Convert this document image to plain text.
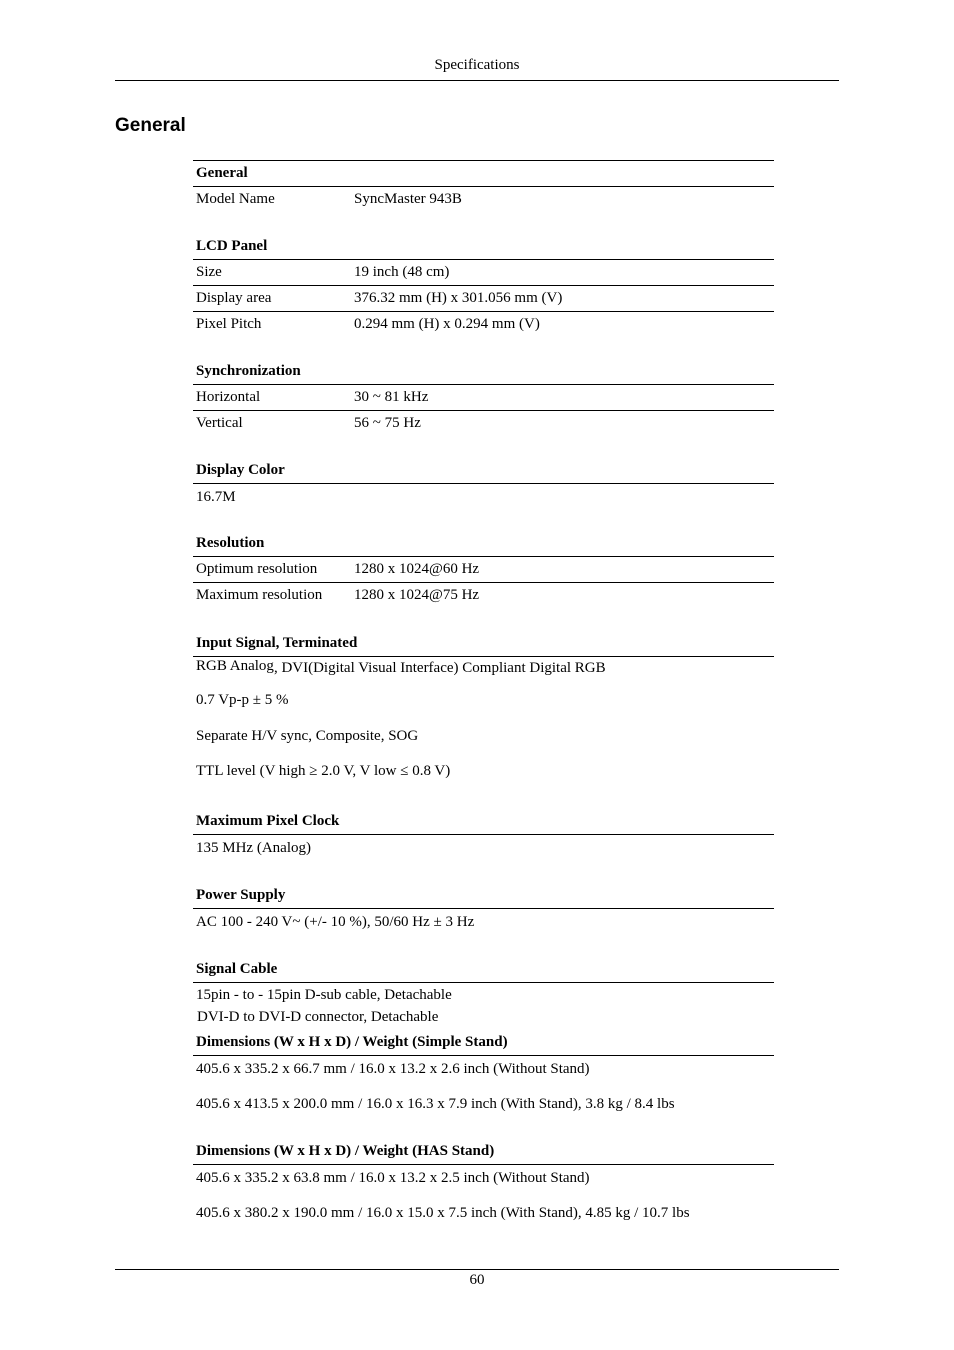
Specifications
General
General
Model Name	SyncMaster 943B
LCD Panel
Size	19 inch (48 cm)
Display area	376.32 mm (H) x 301.056 mm (V)
Pixel Pitch	0.294 mm (H) x 0.294 mm (V)
Synchronization
Horizontal	30 ~ 81 kHz
Vertical	56 ~ 75 Hz
Display Color
16.7M
Resolution
Optimum resolution	1280 x 1024@60 Hz
Maximum resolution	1280 x 1024@75 Hz
Input Signal, Terminated
RGB Analog, DVI(Digital Visual Interface) Compliant Digital RGB
0.7 Vp-p ± 5 %
Separate H/V sync, Composite, SOG
TTL level (V high ≥ 2.0 V, V low ≤ 0.8 V)
Maximum Pixel Clock
135 MHz (Analog)
Power Supply
AC 100 - 240 V~ (+/- 10 %), 50/60 Hz ± 3 Hz
Signal Cable
15pin - to - 15pin D-sub cable, Detachable
DVI-D to DVI-D connector, Detachable
Dimensions (W x H x D) / Weight (Simple Stand)
405.6 x 335.2 x 66.7 mm / 16.0 x 13.2 x 2.6 inch (Without Stand)
405.6 x 413.5 x 200.0 mm / 16.0 x 16.3 x 7.9 inch (With Stand), 3.8 kg / 8.4 lbs
Dimensions (W x H x D) / Weight (HAS Stand)
405.6 x 335.2 x 63.8 mm / 16.0 x 13.2 x 2.5 inch (Without Stand)
405.6 x 380.2 x 190.0 mm / 16.0 x 15.0 x 7.5 inch (With Stand), 4.85 kg / 10.7 lbs
60
